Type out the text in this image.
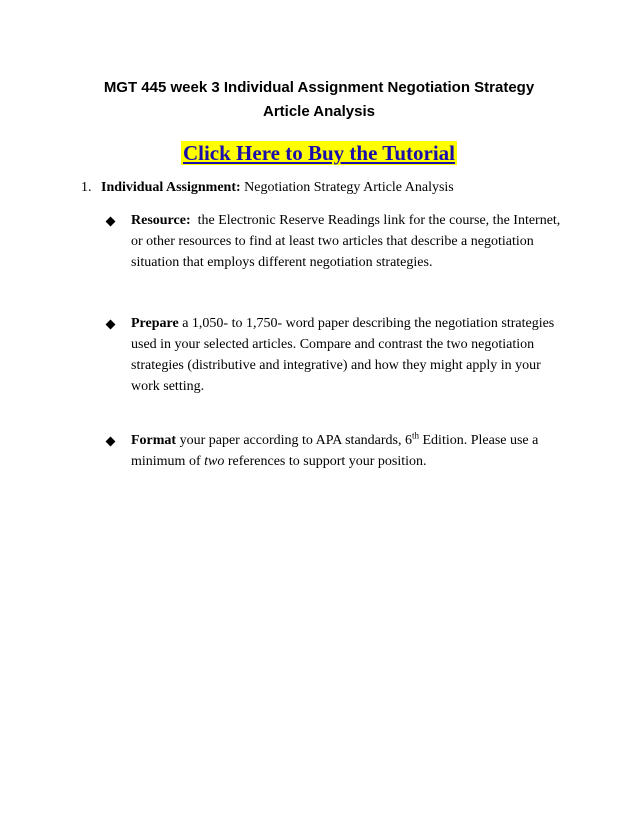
MGT 445 week 3 Individual Assignment Negotiation Strategy
Article Analysis
Click Here to Buy the Tutorial
1. Individual Assignment: Negotiation Strategy Article Analysis
Resource: the Electronic Reserve Readings link for the course, the Internet, or other resources to find at least two articles that describe a negotiation situation that employs different negotiation strategies.
Prepare a 1,050- to 1,750- word paper describing the negotiation strategies used in your selected articles. Compare and contrast the two negotiation strategies (distributive and integrative) and how they might apply in your work setting.
Format your paper according to APA standards, 6th Edition. Please use a minimum of two references to support your position.
